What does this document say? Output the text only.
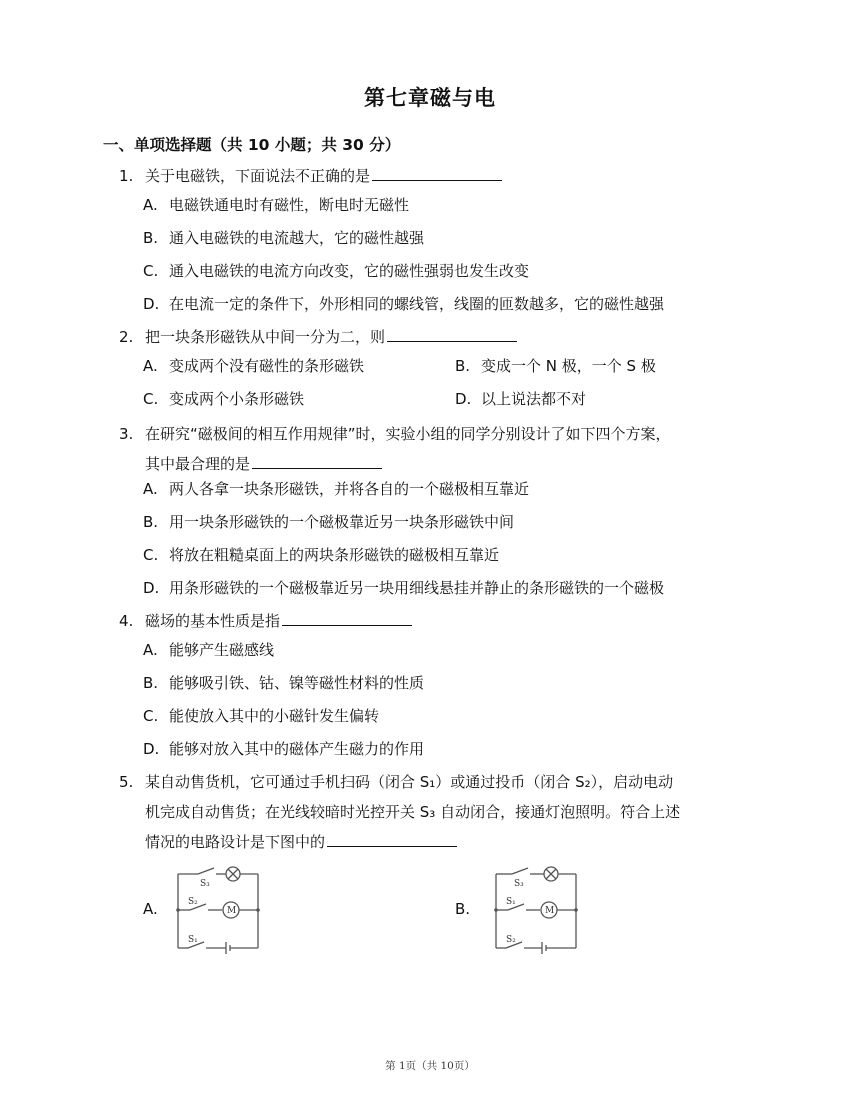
第七章磁与电
一、单项选择题（共 10 小题；共 30 分）
1. 关于电磁铁，下面说法不正确的是
A. 电磁铁通电时有磁性，断电时无磁性
B. 通入电磁铁的电流越大，它的磁性越强
C. 通入电磁铁的电流方向改变，它的磁性强弱也发生改变
D. 在电流一定的条件下，外形相同的螺线管，线圈的匝数越多，它的磁性越强
2. 把一块条形磁铁从中间一分为二，则
A. 变成两个没有磁性的条形磁铁	B. 变成一个 N 极，一个 S 极
C. 变成两个小条形磁铁	D. 以上说法都不对
3. 在研究“磁极间的相互作用规律”时，实验小组的同学分别设计了如下四个方案，
其中最合理的是
A. 两人各拿一块条形磁铁，并将各自的一个磁极相互靠近
B. 用一块条形磁铁的一个磁极靠近另一块条形磁铁中间
C. 将放在粗糙桌面上的两块条形磁铁的磁极相互靠近
D. 用条形磁铁的一个磁极靠近另一块用细线悬挂并静止的条形磁铁的一个磁极
4. 磁场的基本性质是指
A. 能够产生磁感线
B. 能够吸引铁、钴、镍等磁性材料的性质
C. 能使放入其中的小磁针发生偏转
D. 能够对放入其中的磁体产生磁力的作用
5. 某自动售货机，它可通过手机扫码（闭合 S₁）或通过投币（闭合 S₂），启动电动
机完成自动售货；在光线较暗时光控开关 S₃ 自动闭合，接通灯泡照明。符合上述
情况的电路设计是下图中的
A.	M
S₃
S₂
S₁
B.	M
S₃
S₁
S₂
第 1页（共 10页）
